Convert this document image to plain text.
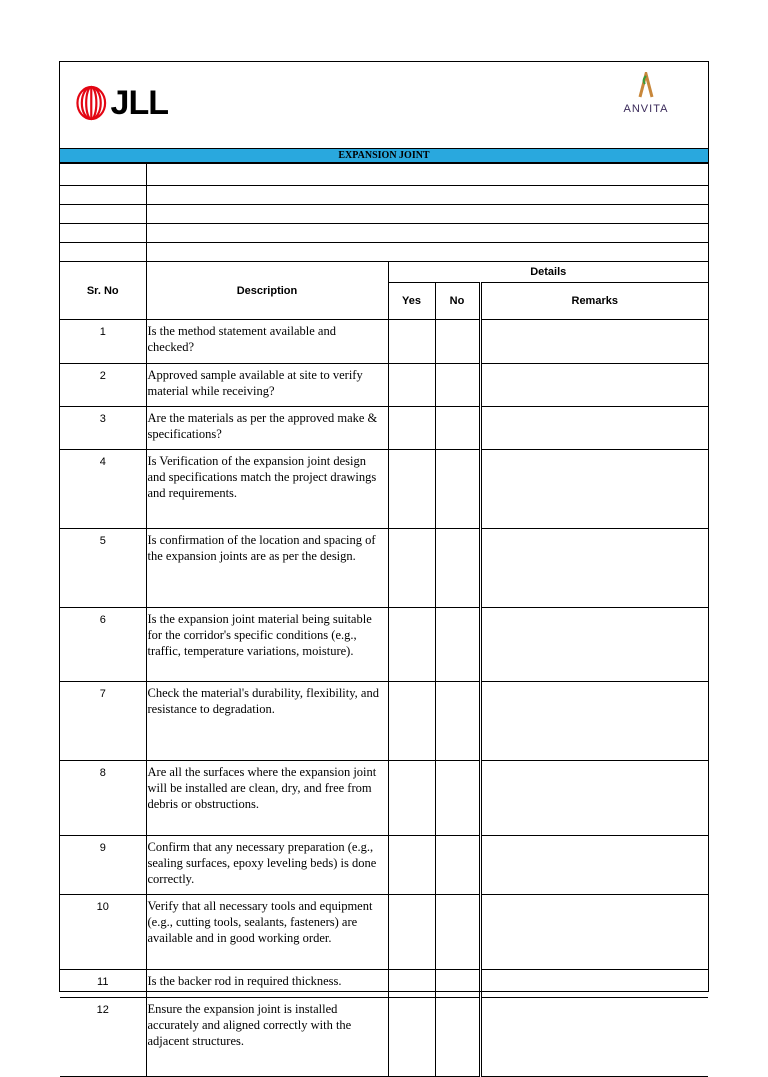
JLL	ANVITA
EXPANSION JOINT

Sr. No	Description	Details		
		Yes	No	Remarks
1	Is the method statement available and checked?			
2	Approved sample available at site to verify material while receiving?			
3	Are the materials as per the approved make & specifications?			
4	Is Verification of the expansion joint design and specifications match the project drawings and requirements.			
5	Is confirmation of the location and spacing of the expansion joints are as per the design.			
6	Is the expansion joint material being suitable for the corridor's specific conditions (e.g., traffic, temperature variations, moisture).			
7	Check the material's durability, flexibility, and resistance to degradation.			
8	Are all the surfaces where the expansion joint will be installed are clean, dry, and free from debris or obstructions.			
9	Confirm that any necessary preparation (e.g., sealing surfaces, epoxy leveling beds) is done correctly.			
10	Verify that all necessary tools and equipment (e.g., cutting tools, sealants, fasteners) are available and in good working order.			
11	Is the backer rod in required thickness.			
12	Ensure the expansion joint is installed accurately and aligned correctly with the adjacent structures.			
